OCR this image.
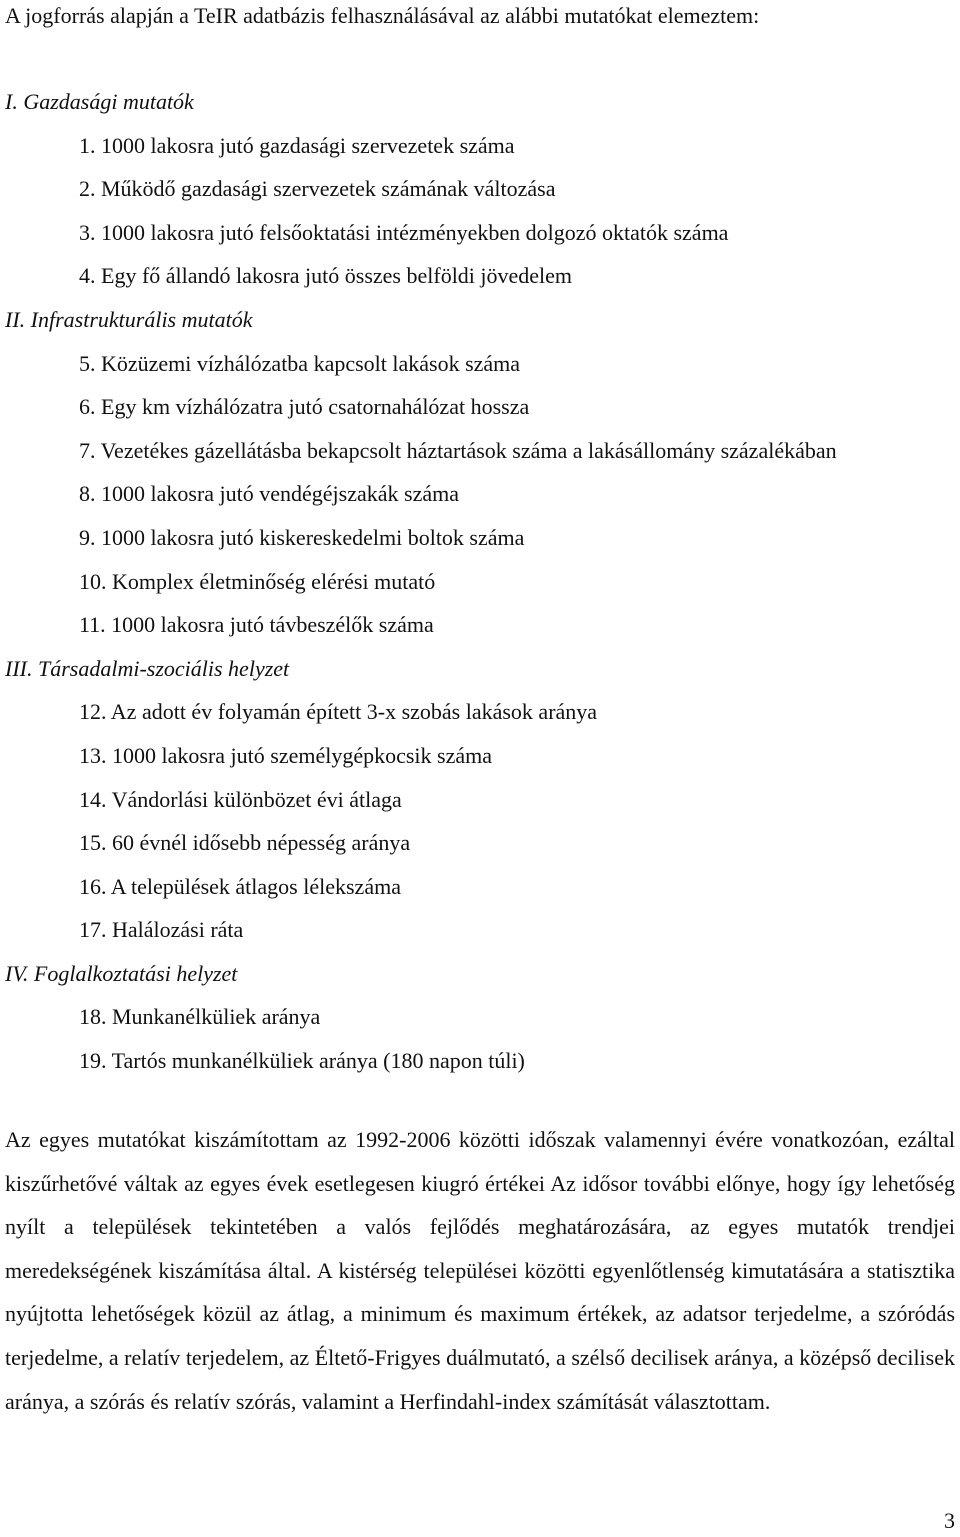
A jogforrás alapján a TeIR adatbázis felhasználásával az alábbi mutatókat elemeztem:
I. Gazdasági mutatók
1. 1000 lakosra jutó gazdasági szervezetek száma
2. Működő gazdasági szervezetek számának változása
3. 1000 lakosra jutó felsőoktatási intézményekben dolgozó oktatók száma
4. Egy fő állandó lakosra jutó összes belföldi jövedelem
II. Infrastrukturális mutatók
5. Közüzemi vízhálózatba kapcsolt lakások száma
6. Egy km vízhálózatra jutó csatornahálózat hossza
7. Vezetékes gázellátásba bekapcsolt háztartások száma a lakásállomány százalékában
8. 1000 lakosra jutó vendégéjszakák száma
9. 1000 lakosra jutó kiskereskedelmi boltok száma
10. Komplex életminőség elérési mutató
11. 1000 lakosra jutó távbeszélők száma
III. Társadalmi-szociális helyzet
12. Az adott év folyamán épített 3-x szobás lakások aránya
13. 1000 lakosra jutó személygépkocsik száma
14. Vándorlási különbözet évi átlaga
15. 60 évnél idősebb népesség aránya
16. A települések átlagos lélekszáma
17. Halálozási ráta
IV. Foglalkoztatási helyzet
18. Munkanélküliek aránya
19. Tartós munkanélküliek aránya (180 napon túli)

Az egyes mutatókat kiszámítottam az 1992-2006 közötti időszak valamennyi évére vonatkozóan, ezáltal kiszűrhetővé váltak az egyes évek esetlegesen kiugró értékei Az idősor további előnye, hogy így lehetőség nyílt a települések tekintetében a valós fejlődés meghatározására, az egyes mutatók trendjei meredekségének kiszámítása által. A kistérség települései közötti egyenlőtlenség kimutatására a statisztika nyújtotta lehetőségek közül az átlag, a minimum és maximum értékek, az adatsor terjedelme, a szóródás terjedelme, a relatív terjedelem, az Éltető-Frigyes duálmutató, a szélső decilisek aránya, a középső decilisek aránya, a szórás és relatív szórás, valamint a Herfindahl-index számítását választottam.

3
